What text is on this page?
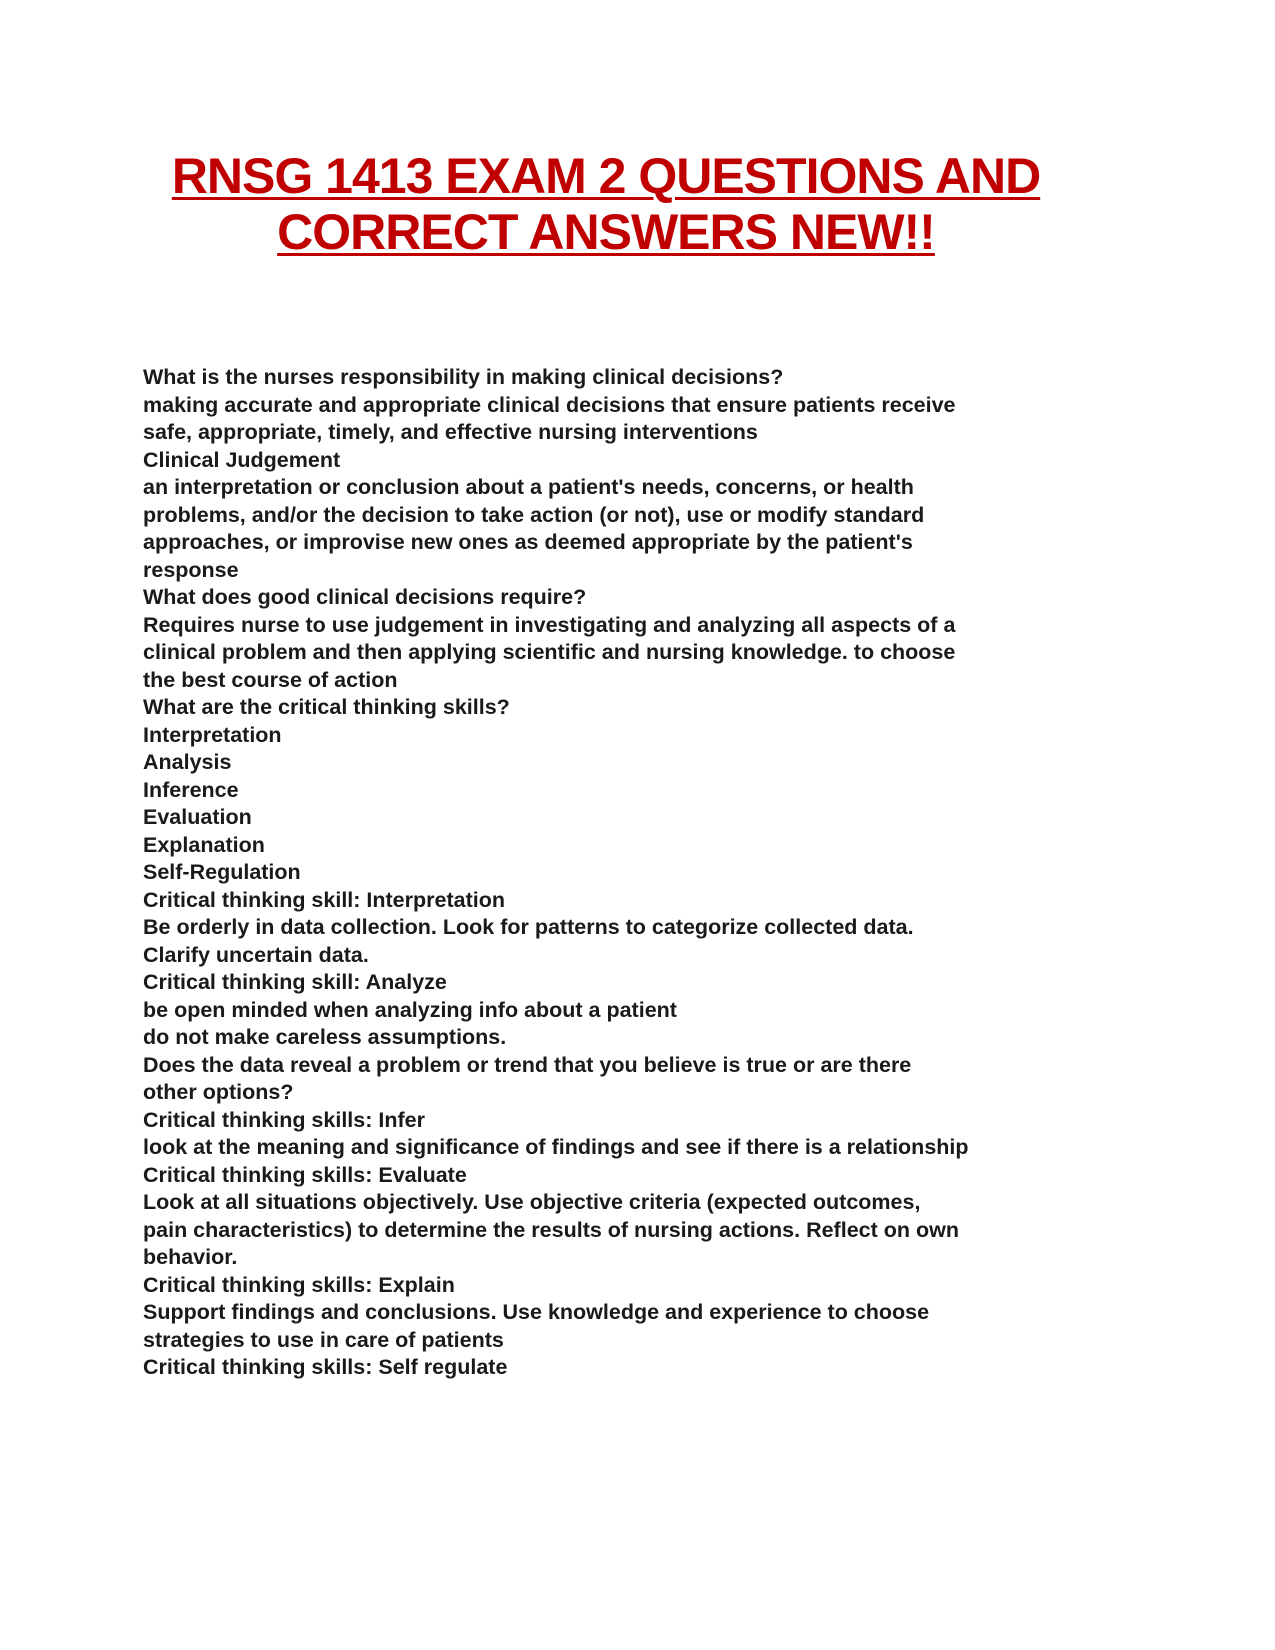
RNSG 1413 EXAM 2 QUESTIONS AND
CORRECT ANSWERS NEW!!
What is the nurses responsibility in making clinical decisions?
making accurate and appropriate clinical decisions that ensure patients receive
safe, appropriate, timely, and effective nursing interventions
Clinical Judgement
an interpretation or conclusion about a patient's needs, concerns, or health
problems, and/or the decision to take action (or not), use or modify standard
approaches, or improvise new ones as deemed appropriate by the patient's
response
What does good clinical decisions require?
Requires nurse to use judgement in investigating and analyzing all aspects of a
clinical problem and then applying scientific and nursing knowledge. to choose
the best course of action
What are the critical thinking skills?
Interpretation
Analysis
Inference
Evaluation
Explanation
Self-Regulation
Critical thinking skill: Interpretation
Be orderly in data collection. Look for patterns to categorize collected data.
Clarify uncertain data.
Critical thinking skill: Analyze
be open minded when analyzing info about a patient
do not make careless assumptions.
Does the data reveal a problem or trend that you believe is true or are there
other options?
Critical thinking skills: Infer
look at the meaning and significance of findings and see if there is a relationship
Critical thinking skills: Evaluate
Look at all situations objectively. Use objective criteria (expected outcomes,
pain characteristics) to determine the results of nursing actions. Reflect on own
behavior.
Critical thinking skills: Explain
Support findings and conclusions. Use knowledge and experience to choose
strategies to use in care of patients
Critical thinking skills: Self regulate
